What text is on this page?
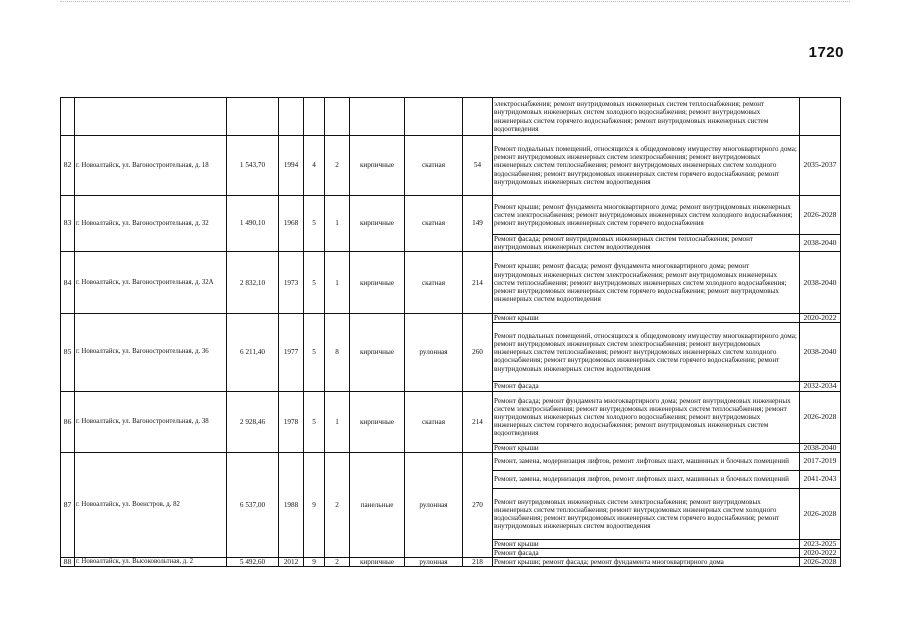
1720
									электроснабжения; ремонт внутридомовых инженерных систем теплоснабжения; ремонт внутридомовых инженерных систем холодного водоснабжения; ремонт внутридомовых инженерных систем горячего водоснабжения; ремонт внутридомовых инженерных систем водоотведения	
82	г. Новоалтайск, ул. Вагоностроительная, д. 18	1 543,70	1994	4	2	кирпичные	скатная	54	Ремонт подвальных помещений, относящихся к общедомовому имуществу многоквартирного дома; ремонт внутридомовых инженерных систем электроснабжения; ремонт внутридомовых инженерных систем теплоснабжения; ремонт внутридомовых инженерных систем холодного водоснабжения; ремонт внутридомовых инженерных систем горячего водоснабжения; ремонт внутридомовых инженерных систем водоотведения	2035-2037
83	г. Новоалтайск, ул. Вагоностроительная, д. 32	1 490,10	1968	5	1	кирпичные	скатная	149	Ремонт крыши; ремонт фундамента многоквартирного дома; ремонт внутридомовых инженерных систем электроснабжения; ремонт внутридомовых инженерных систем холодного водоснабжения; ремонт внутридомовых инженерных систем горячего водоснабжения	2026-2028
									Ремонт фасада; ремонт внутридомовых инженерных систем теплоснабжения; ремонт внутридомовых инженерных систем водоотведения	2038-2040
84	г. Новоалтайск, ул. Вагоностроительная, д. 32А	2 832,10	1973	5	1	кирпичные	скатная	214	Ремонт крыши; ремонт фасада; ремонт фундамента многоквартирного дома; ремонт внутридомовых инженерных систем электроснабжения; ремонт внутридомовых инженерных систем теплоснабжения; ремонт внутридомовых инженерных систем холодного водоснабжения; ремонт внутридомовых инженерных систем горячего водоснабжения; ремонт внутридомовых инженерных систем водоотведения	2038-2040
85	г. Новоалтайск, ул. Вагоностроительная, д. 36	6 211,40	1977	5	8	кирпичные	рулонная	260	Ремонт крыши	2020-2022
									Ремонт подвальных помещений, относящихся к общедомовому имуществу многоквартирного дома; ремонт внутридомовых инженерных систем электроснабжения; ремонт внутридомовых инженерных систем теплоснабжения; ремонт внутридомовых инженерных систем холодного водоснабжения; ремонт внутридомовых инженерных систем горячего водоснабжения; ремонт внутридомовых инженерных систем водоотведения	2038-2040
									Ремонт фасада	2032-2034
86	г. Новоалтайск, ул. Вагоностроительная, д. 38	2 928,46	1978	5	1	кирпичные	скатная	214	Ремонт фасада; ремонт фундамента многоквартирного дома; ремонт внутридомовых инженерных систем электроснабжения; ремонт внутридомовых инженерных систем теплоснабжения; ремонт внутридомовых инженерных систем холодного водоснабжения; ремонт внутридомовых инженерных систем горячего водоснабжения; ремонт внутридомовых инженерных систем водоотведения	2026-2028
									Ремонт крыши	2038-2040
87	г. Новоалтайск, ул. Военстров, д. 82	6 537,00	1988	9	2	панельные	рулонная	270	Ремонт, замена, модернизация лифтов, ремонт лифтовых шахт, машинных и блочных помещений	2017-2019
									Ремонт, замена, модернизация лифтов, ремонт лифтовых шахт, машинных и блочных помещений	2041-2043
									Ремонт внутридомовых инженерных систем электроснабжения; ремонт внутридомовых инженерных систем теплоснабжения; ремонт внутридомовых инженерных систем холодного водоснабжения; ремонт внутридомовых инженерных систем горячего водоснабжения; ремонт внутридомовых инженерных систем водоотведения	2026-2028
									Ремонт крыши	2023-2025
									Ремонт фасада	2020-2022
88	г. Новоалтайск, ул. Высоковольтная, д. 2	5 492,60	2012	9	2	кирпичные	рулонная	218	Ремонт крыши; ремонт фасада; ремонт фундамента многоквартирного дома	2026-2028
